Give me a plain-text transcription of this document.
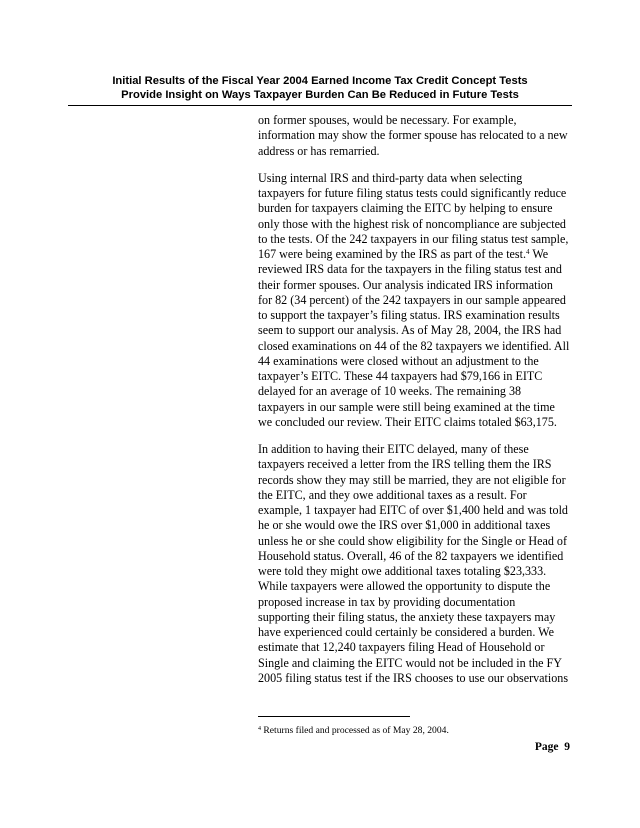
Initial Results of the Fiscal Year 2004 Earned Income Tax Credit Concept Tests
Provide Insight on Ways Taxpayer Burden Can Be Reduced in Future Tests

on former spouses, would be necessary. For example, information may show the former spouse has relocated to a new address or has remarried.

Using internal IRS and third-party data when selecting taxpayers for future filing status tests could significantly reduce burden for taxpayers claiming the EITC by helping to ensure only those with the highest risk of noncompliance are subjected to the tests. Of the 242 taxpayers in our filing status test sample, 167 were being examined by the IRS as part of the test.$^4$ We reviewed IRS data for the taxpayers in the filing status test and their former spouses. Our analysis indicated IRS information for 82 (34 percent) of the 242 taxpayers in our sample appeared to support the taxpayer’s filing status. IRS examination results seem to support our analysis. As of May 28, 2004, the IRS had closed examinations on 44 of the 82 taxpayers we identified. All 44 examinations were closed without an adjustment to the taxpayer’s EITC. These 44 taxpayers had $79,166 in EITC delayed for an average of 10 weeks. The remaining 38 taxpayers in our sample were still being examined at the time we concluded our review. Their EITC claims totaled $63,175.

In addition to having their EITC delayed, many of these taxpayers received a letter from the IRS telling them the IRS records show they may still be married, they are not eligible for the EITC, and they owe additional taxes as a result. For example, 1 taxpayer had EITC of over $1,400 held and was told he or she would owe the IRS over $1,000 in additional taxes unless he or she could show eligibility for the Single or Head of Household status. Overall, 46 of the 82 taxpayers we identified were told they might owe additional taxes totaling $23,333. While taxpayers were allowed the opportunity to dispute the proposed increase in tax by providing documentation supporting their filing status, the anxiety these taxpayers may have experienced could certainly be considered a burden. We estimate that 12,240 taxpayers filing Head of Household or Single and claiming the EITC would not be included in the FY 2005 filing status test if the IRS chooses to use our observations

$^4$ Returns filed and processed as of May 28, 2004.
Page 9
